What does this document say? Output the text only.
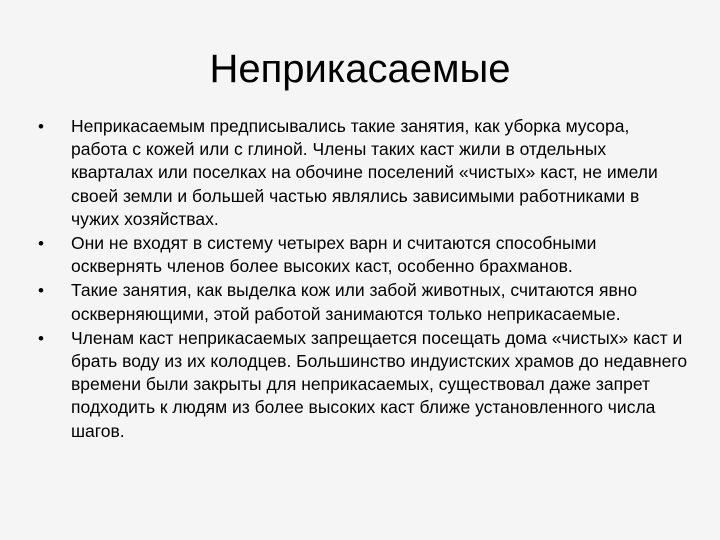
Неприкасаемые
•	Неприкасаемым предписывались такие занятия, как уборка мусора, работа с кожей или с глиной. Члены таких каст жили в отдельных кварталах или поселках на обочине поселений «чистых» каст, не имели своей земли и большей частью являлись зависимыми работниками в чужих хозяйствах.
•	Они не входят в систему четырех варн и считаются способными осквернять членов более высоких каст, особенно брахманов.
•	Такие занятия, как выделка кож или забой животных, считаются явно оскверняющими, этой работой занимаются только неприкасаемые.
•	Членам каст неприкасаемых запрещается посещать дома «чистых» каст и брать воду из их колодцев. Большинство индуистских храмов до недавнего времени были закрыты для неприкасаемых, существовал даже запрет подходить к людям из более высоких каст ближе установленного числа шагов.
